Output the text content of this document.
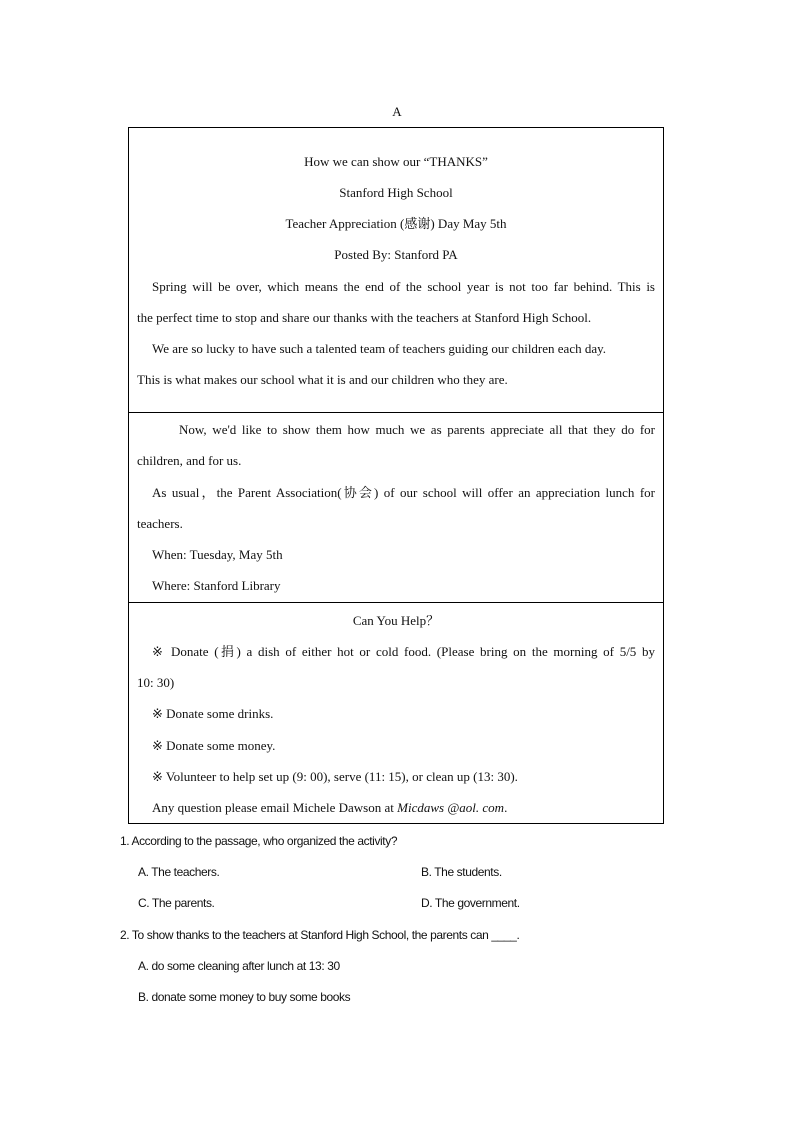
A
How we can show our “THANKS”
Stanford High School
Teacher Appreciation (感谢) Day May 5th
Posted By: Stanford PA
Spring will be over, which means the end of the school year is not too far behind. This is
the perfect time to stop and share our thanks with the teachers at Stanford High School.
We are so lucky to have such a talented team of teachers guiding our children each day.
This is what makes our school what it is and our children who they are.
Now, we'd like to show them how much we as parents appreciate all that they do for
children, and for us.
As usual，the Parent Association(协会) of our school will offer an appreciation lunch for
teachers.
When: Tuesday, May 5th
Where: Stanford Library
Can You Help？
※ Donate (捐) a dish of either hot or cold food. (Please bring on the morning of 5/5 by
10: 30)
※ Donate some drinks.
※ Donate some money.
※ Volunteer to help set up (9: 00), serve (11: 15), or clean up (13: 30).
Any question please email Michele Dawson at Micdaws @aol. com.
1. According to the passage, who organized the activity?
A. The teachers.	B. The students.
C. The parents.	D. The government.
2. To show thanks to the teachers at Stanford High School, the parents can ____.
A. do some cleaning after lunch at 13: 30
B. donate some money to buy some books
